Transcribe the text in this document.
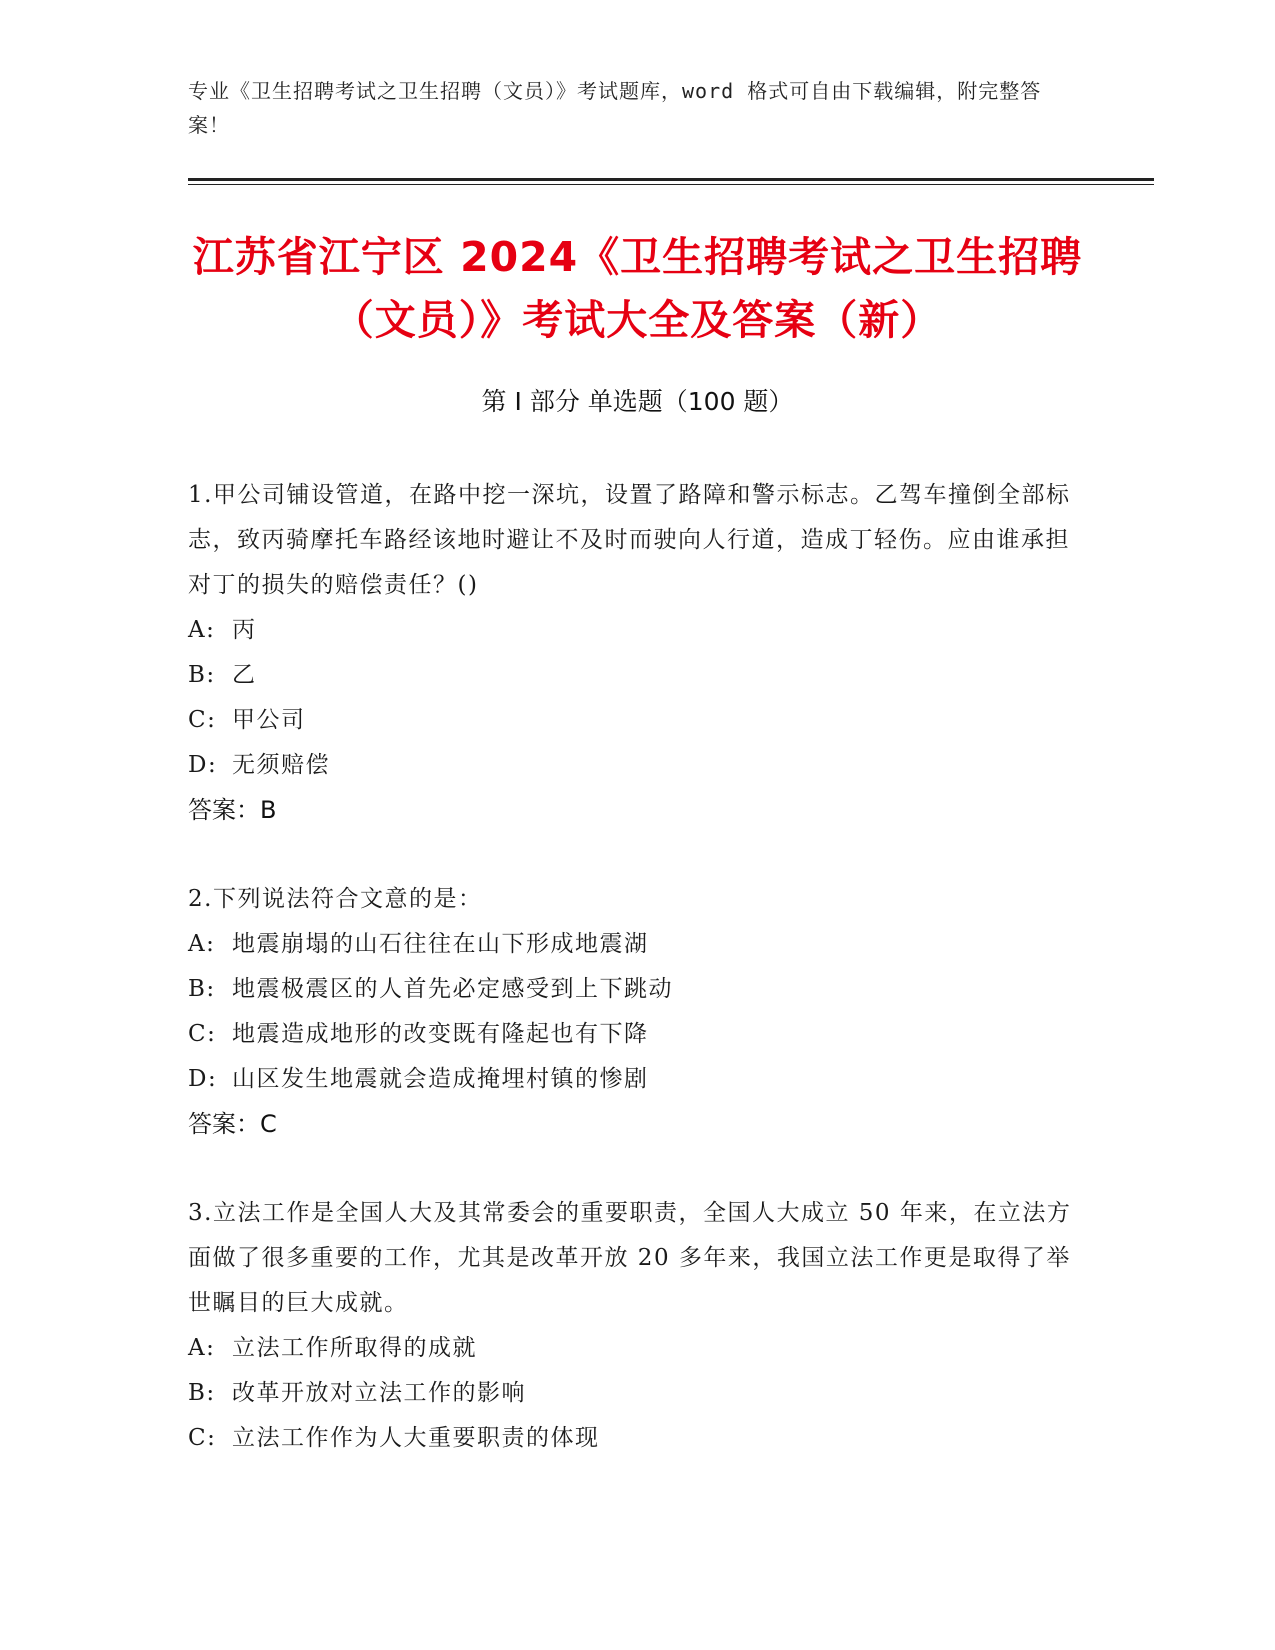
专业《卫生招聘考试之卫生招聘（文员）》考试题库，word 格式可自由下载编辑，附完整答案！
江苏省江宁区 2024《卫生招聘考试之卫生招聘（文员）》考试大全及答案（新）
第 I 部分 单选题（100 题）
1.甲公司铺设管道，在路中挖一深坑，设置了路障和警示标志。乙驾车撞倒全部标志，致丙骑摩托车路经该地时避让不及时而驶向人行道，造成丁轻伤。应由谁承担对丁的损失的赔偿责任？()
A: 丙
B: 乙
C: 甲公司
D: 无须赔偿
答案：B
2.下列说法符合文意的是：
A: 地震崩塌的山石往往在山下形成地震湖
B: 地震极震区的人首先必定感受到上下跳动
C: 地震造成地形的改变既有隆起也有下降
D: 山区发生地震就会造成掩埋村镇的惨剧
答案：C
3.立法工作是全国人大及其常委会的重要职责，全国人大成立 50 年来，在立法方面做了很多重要的工作，尤其是改革开放 20 多年来，我国立法工作更是取得了举世瞩目的巨大成就。
A: 立法工作所取得的成就
B: 改革开放对立法工作的影响
C: 立法工作作为人大重要职责的体现
